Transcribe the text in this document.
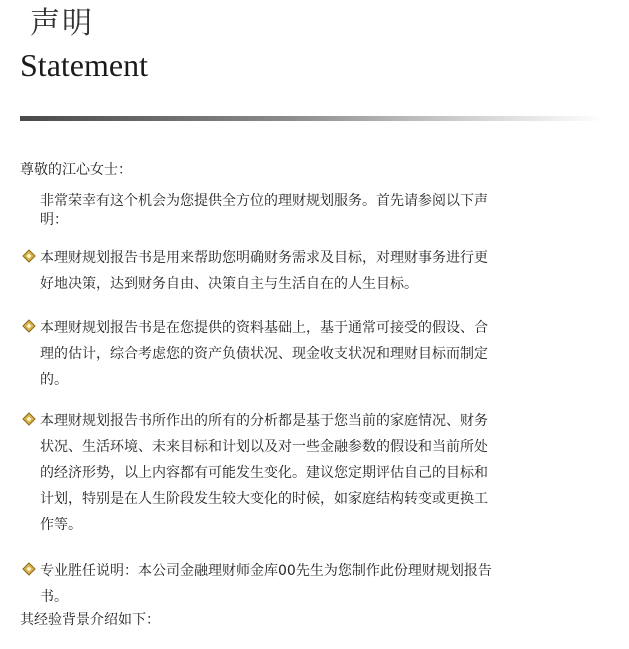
声明
Statement
尊敬的江心女士：
非常荣幸有这个机会为您提供全方位的理财规划服务。首先请参阅以下声明：
本理财规划报告书是用来帮助您明确财务需求及目标，对理财事务进行更好地决策，达到财务自由、决策自主与生活自在的人生目标。
本理财规划报告书是在您提供的资料基础上，基于通常可接受的假设、合理的估计，综合考虑您的资产负债状况、现金收支状况和理财目标而制定的。
本理财规划报告书所作出的所有的分析都是基于您当前的家庭情况、财务状况、生活环境、未来目标和计划以及对一些金融参数的假设和当前所处的经济形势，以上内容都有可能发生变化。建议您定期评估自己的目标和计划，特别是在人生阶段发生较大变化的时候，如家庭结构转变或更换工作等。
专业胜任说明：本公司金融理财师金库00先生为您制作此份理财规划报告书。
其经验背景介绍如下：
